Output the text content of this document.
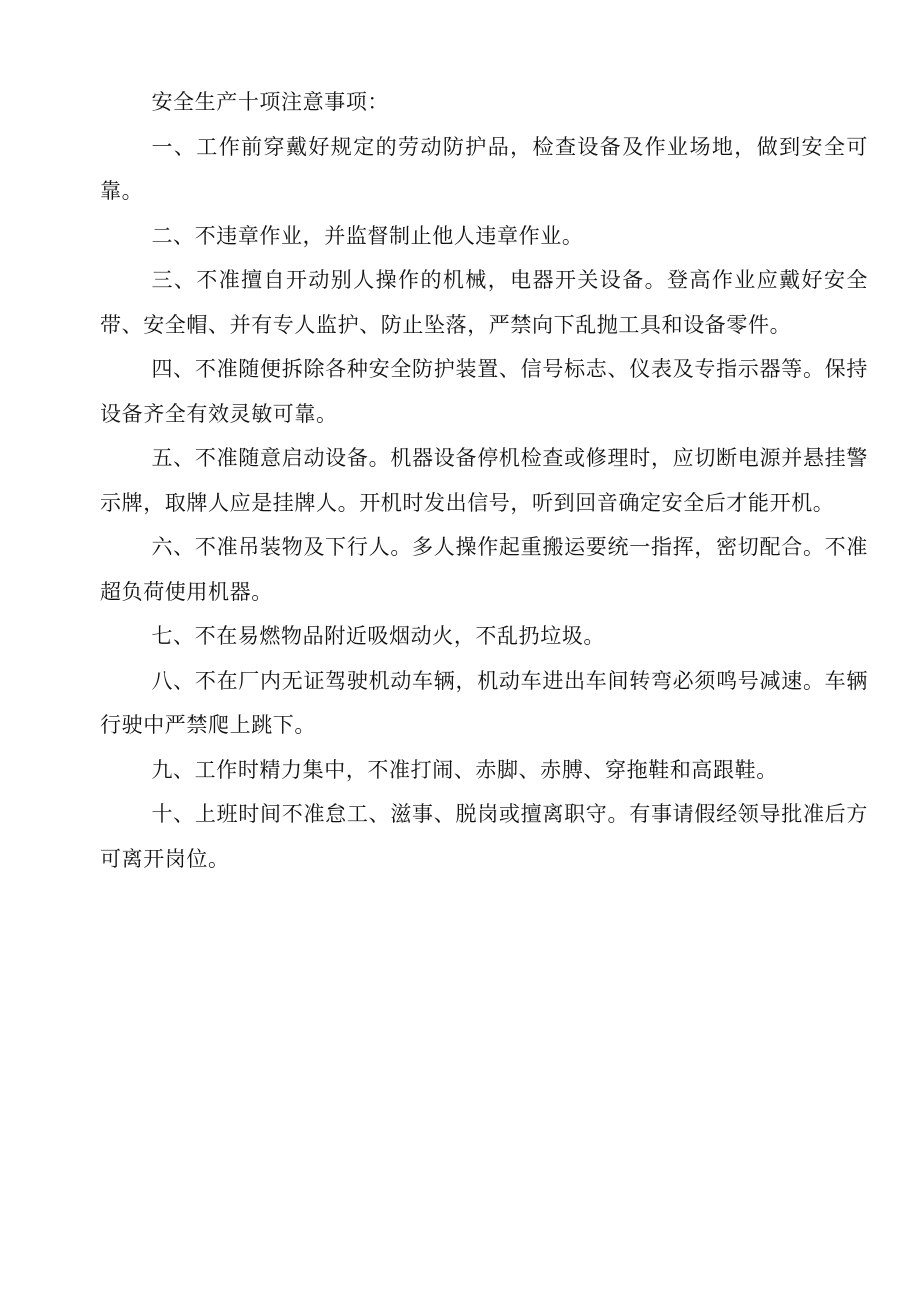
安全生产十项注意事项：

一、工作前穿戴好规定的劳动防护品，检查设备及作业场地，做到安全可靠。

二、不违章作业，并监督制止他人违章作业。

三、不准擅自开动别人操作的机械，电器开关设备。登高作业应戴好安全带、安全帽、并有专人监护、防止坠落，严禁向下乱抛工具和设备零件。

四、不准随便拆除各种安全防护装置、信号标志、仪表及专指示器等。保持设备齐全有效灵敏可靠。

五、不准随意启动设备。机器设备停机检查或修理时，应切断电源并悬挂警示牌，取牌人应是挂牌人。开机时发出信号，听到回音确定安全后才能开机。

六、不准吊装物及下行人。多人操作起重搬运要统一指挥，密切配合。不准超负荷使用机器。

七、不在易燃物品附近吸烟动火，不乱扔垃圾。

八、不在厂内无证驾驶机动车辆，机动车进出车间转弯必须鸣号减速。车辆行驶中严禁爬上跳下。

九、工作时精力集中，不准打闹、赤脚、赤膊、穿拖鞋和高跟鞋。

十、上班时间不准怠工、滋事、脱岗或擅离职守。有事请假经领导批准后方可离开岗位。
